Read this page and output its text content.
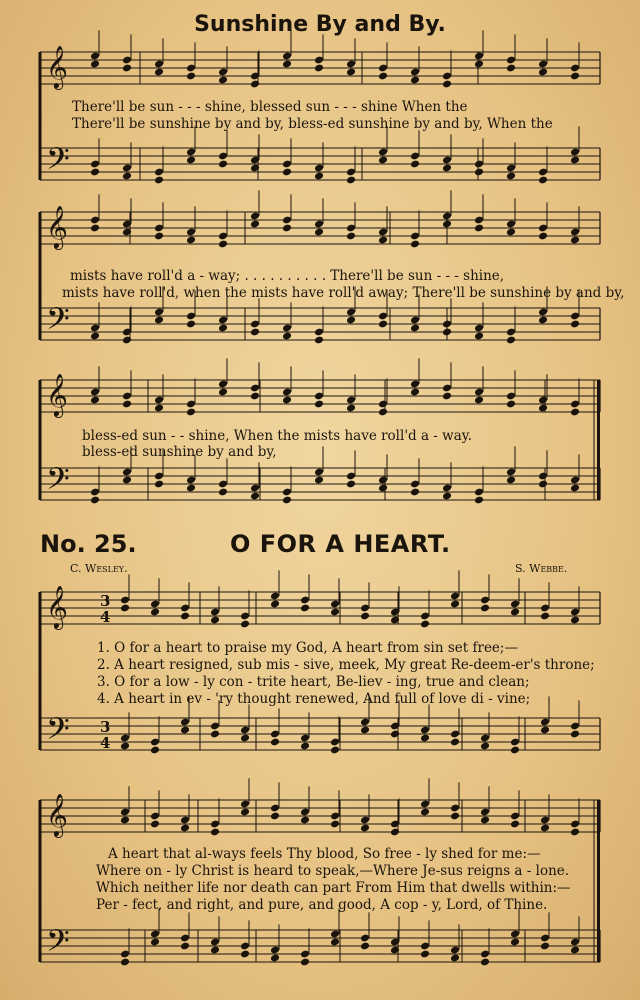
Sunshine By and By.
𝄞
𝄢
𝄞
𝄢
𝄞
𝄢
There'll be sun - - - shine, blessed sun - - - shine When the
There'll be sunshine by and by, bless-ed sunshine by and by, When the
mists have roll'd a - way; . . . . . . . . . . There'll be sun - - - shine,
mists have roll'd, when the mists have roll'd away; There'll be sunshine by and by,
bless-ed sun - - shine, When the mists have roll'd a - way.
bless-ed sunshine by and by,
No. 25.	O FOR A HEART.
C. Wesley.	S. Webbe.
1. O for a heart to praise my God, A heart from sin set free;—
2. A heart resigned, sub mis - sive, meek, My great Re-deem-er's throne;
3. O for a low - ly con - trite heart, Be-liev - ing, true and clean;
4. A heart in ev - 'ry thought renewed, And full of love di - vine;
A heart that al-ways feels Thy blood, So free - ly shed for me:—
Where on - ly Christ is heard to speak,—Where Je-sus reigns a - lone.
Which neither life nor death can part From Him that dwells within:—
Per - fect, and right, and pure, and good, A cop - y, Lord, of Thine.
𝄞
𝄢
𝄞
𝄢
3
4
3
4
